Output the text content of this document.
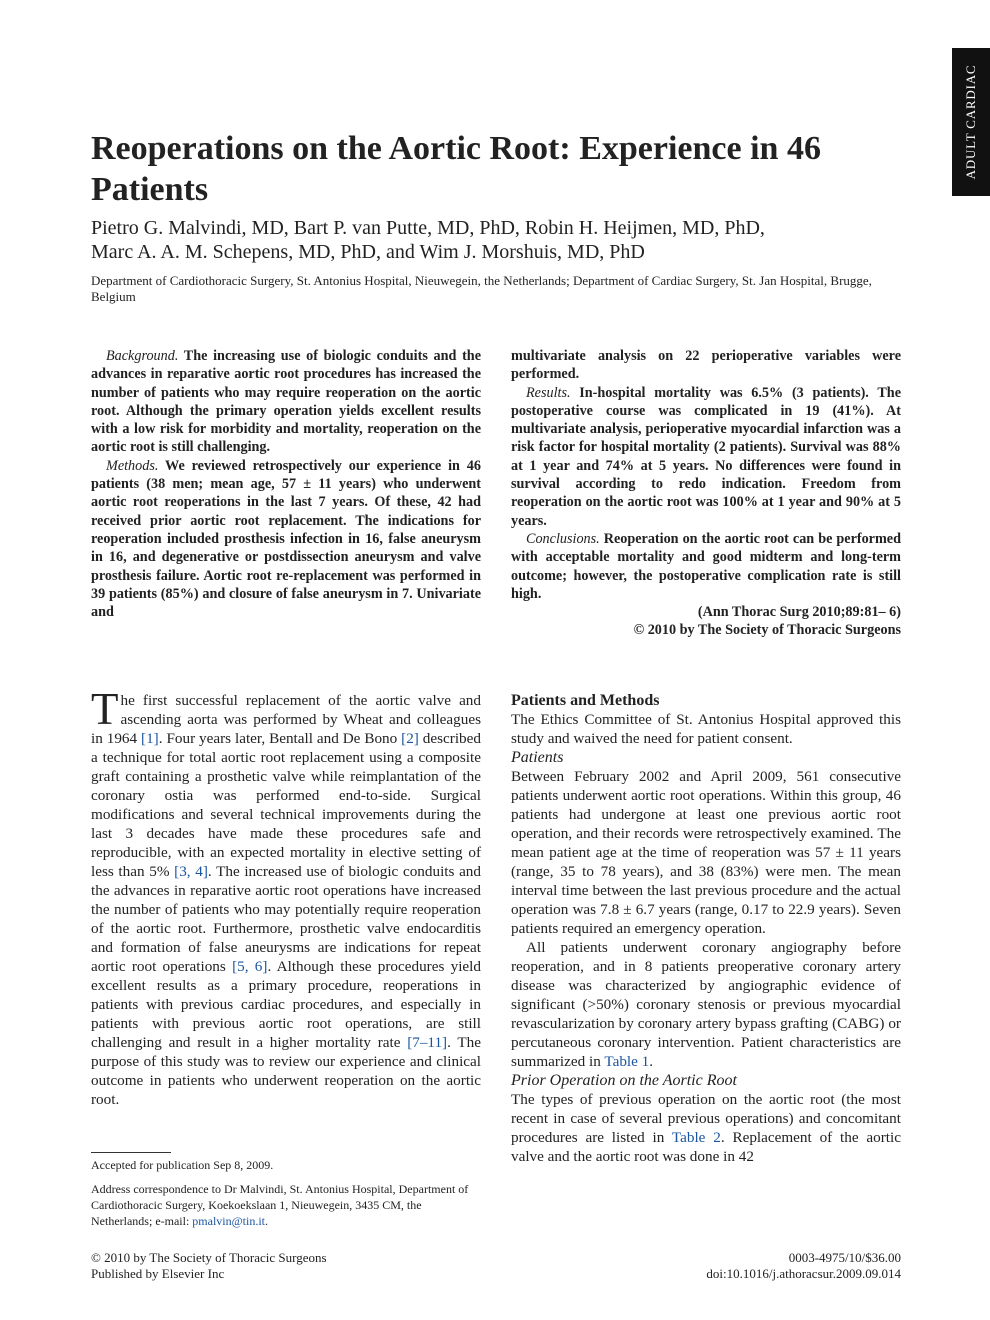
ADULT CARDIAC
Reoperations on the Aortic Root: Experience in 46 Patients
Pietro G. Malvindi, MD, Bart P. van Putte, MD, PhD, Robin H. Heijmen, MD, PhD,
Marc A. A. M. Schepens, MD, PhD, and Wim J. Morshuis, MD, PhD
Department of Cardiothoracic Surgery, St. Antonius Hospital, Nieuwegein, the Netherlands; Department of Cardiac Surgery, St. Jan Hospital, Brugge, Belgium

Background. The increasing use of biologic conduits and the advances in reparative aortic root procedures has increased the number of patients who may require reoperation on the aortic root. Although the primary operation yields excellent results with a low risk for morbidity and mortality, reoperation on the aortic root is still challenging.

Methods. We reviewed retrospectively our experience in 46 patients (38 men; mean age, 57 ± 11 years) who underwent aortic root reoperations in the last 7 years. Of these, 42 had received prior aortic root replacement. The indications for reoperation included prosthesis infection in 16, false aneurysm in 16, and degenerative or postdissection aneurysm and valve prosthesis failure. Aortic root re-replacement was performed in 39 patients (85%) and closure of false aneurysm in 7. Univariate and

multivariate analysis on 22 perioperative variables were performed.

Results. In-hospital mortality was 6.5% (3 patients). The postoperative course was complicated in 19 (41%). At multivariate analysis, perioperative myocardial infarction was a risk factor for hospital mortality (2 patients). Survival was 88% at 1 year and 74% at 5 years. No differences were found in survival according to redo indication. Freedom from reoperation on the aortic root was 100% at 1 year and 90% at 5 years.

Conclusions. Reoperation on the aortic root can be performed with acceptable mortality and good midterm and long-term outcome; however, the postoperative complication rate is still high.

(Ann Thorac Surg 2010;89:81– 6)

© 2010 by The Society of Thoracic Surgeons

The first successful replacement of the aortic valve and ascending aorta was performed by Wheat and colleagues in 1964 [1]. Four years later, Bentall and De Bono [2] described a technique for total aortic root replacement using a composite graft containing a prosthetic valve while reimplantation of the coronary ostia was performed end-to-side. Surgical modifications and several technical improvements during the last 3 decades have made these procedures safe and reproducible, with an expected mortality in elective setting of less than 5% [3, 4]. The increased use of biologic conduits and the advances in reparative aortic root operations have increased the number of patients who may potentially require reoperation of the aortic root. Furthermore, prosthetic valve endocarditis and formation of false aneurysms are indications for repeat aortic root operations [5, 6]. Although these procedures yield excellent results as a primary procedure, reoperations in patients with previous cardiac procedures, and especially in patients with previous aortic root operations, are still challenging and result in a higher mortality rate [7–11]. The purpose of this study was to review our experience and clinical outcome in patients who underwent reoperation on the aortic root.

Accepted for publication Sep 8, 2009.

Address correspondence to Dr Malvindi, St. Antonius Hospital, Department of Cardiothoracic Surgery, Koekoekslaan 1, Nieuwegein, 3435 CM, the Netherlands; e-mail: pmalvin@tin.it.

Patients and Methods

The Ethics Committee of St. Antonius Hospital approved this study and waived the need for patient consent.

Patients

Between February 2002 and April 2009, 561 consecutive patients underwent aortic root operations. Within this group, 46 patients had undergone at least one previous aortic root operation, and their records were retrospectively examined. The mean patient age at the time of reoperation was 57 ± 11 years (range, 35 to 78 years), and 38 (83%) were men. The mean interval time between the last previous procedure and the actual operation was 7.8 ± 6.7 years (range, 0.17 to 22.9 years). Seven patients required an emergency operation.

All patients underwent coronary angiography before reoperation, and in 8 patients preoperative coronary artery disease was characterized by angiographic evidence of significant (>50%) coronary stenosis or previous myocardial revascularization by coronary artery bypass grafting (CABG) or percutaneous coronary intervention. Patient characteristics are summarized in Table 1.

Prior Operation on the Aortic Root

The types of previous operation on the aortic root (the most recent in case of several previous operations) and concomitant procedures are listed in Table 2. Replacement of the aortic valve and the aortic root was done in 42

© 2010 by The Society of Thoracic Surgeons

Published by Elsevier Inc

0003-4975/10/$36.00

doi:10.1016/j.athoracsur.2009.09.014
